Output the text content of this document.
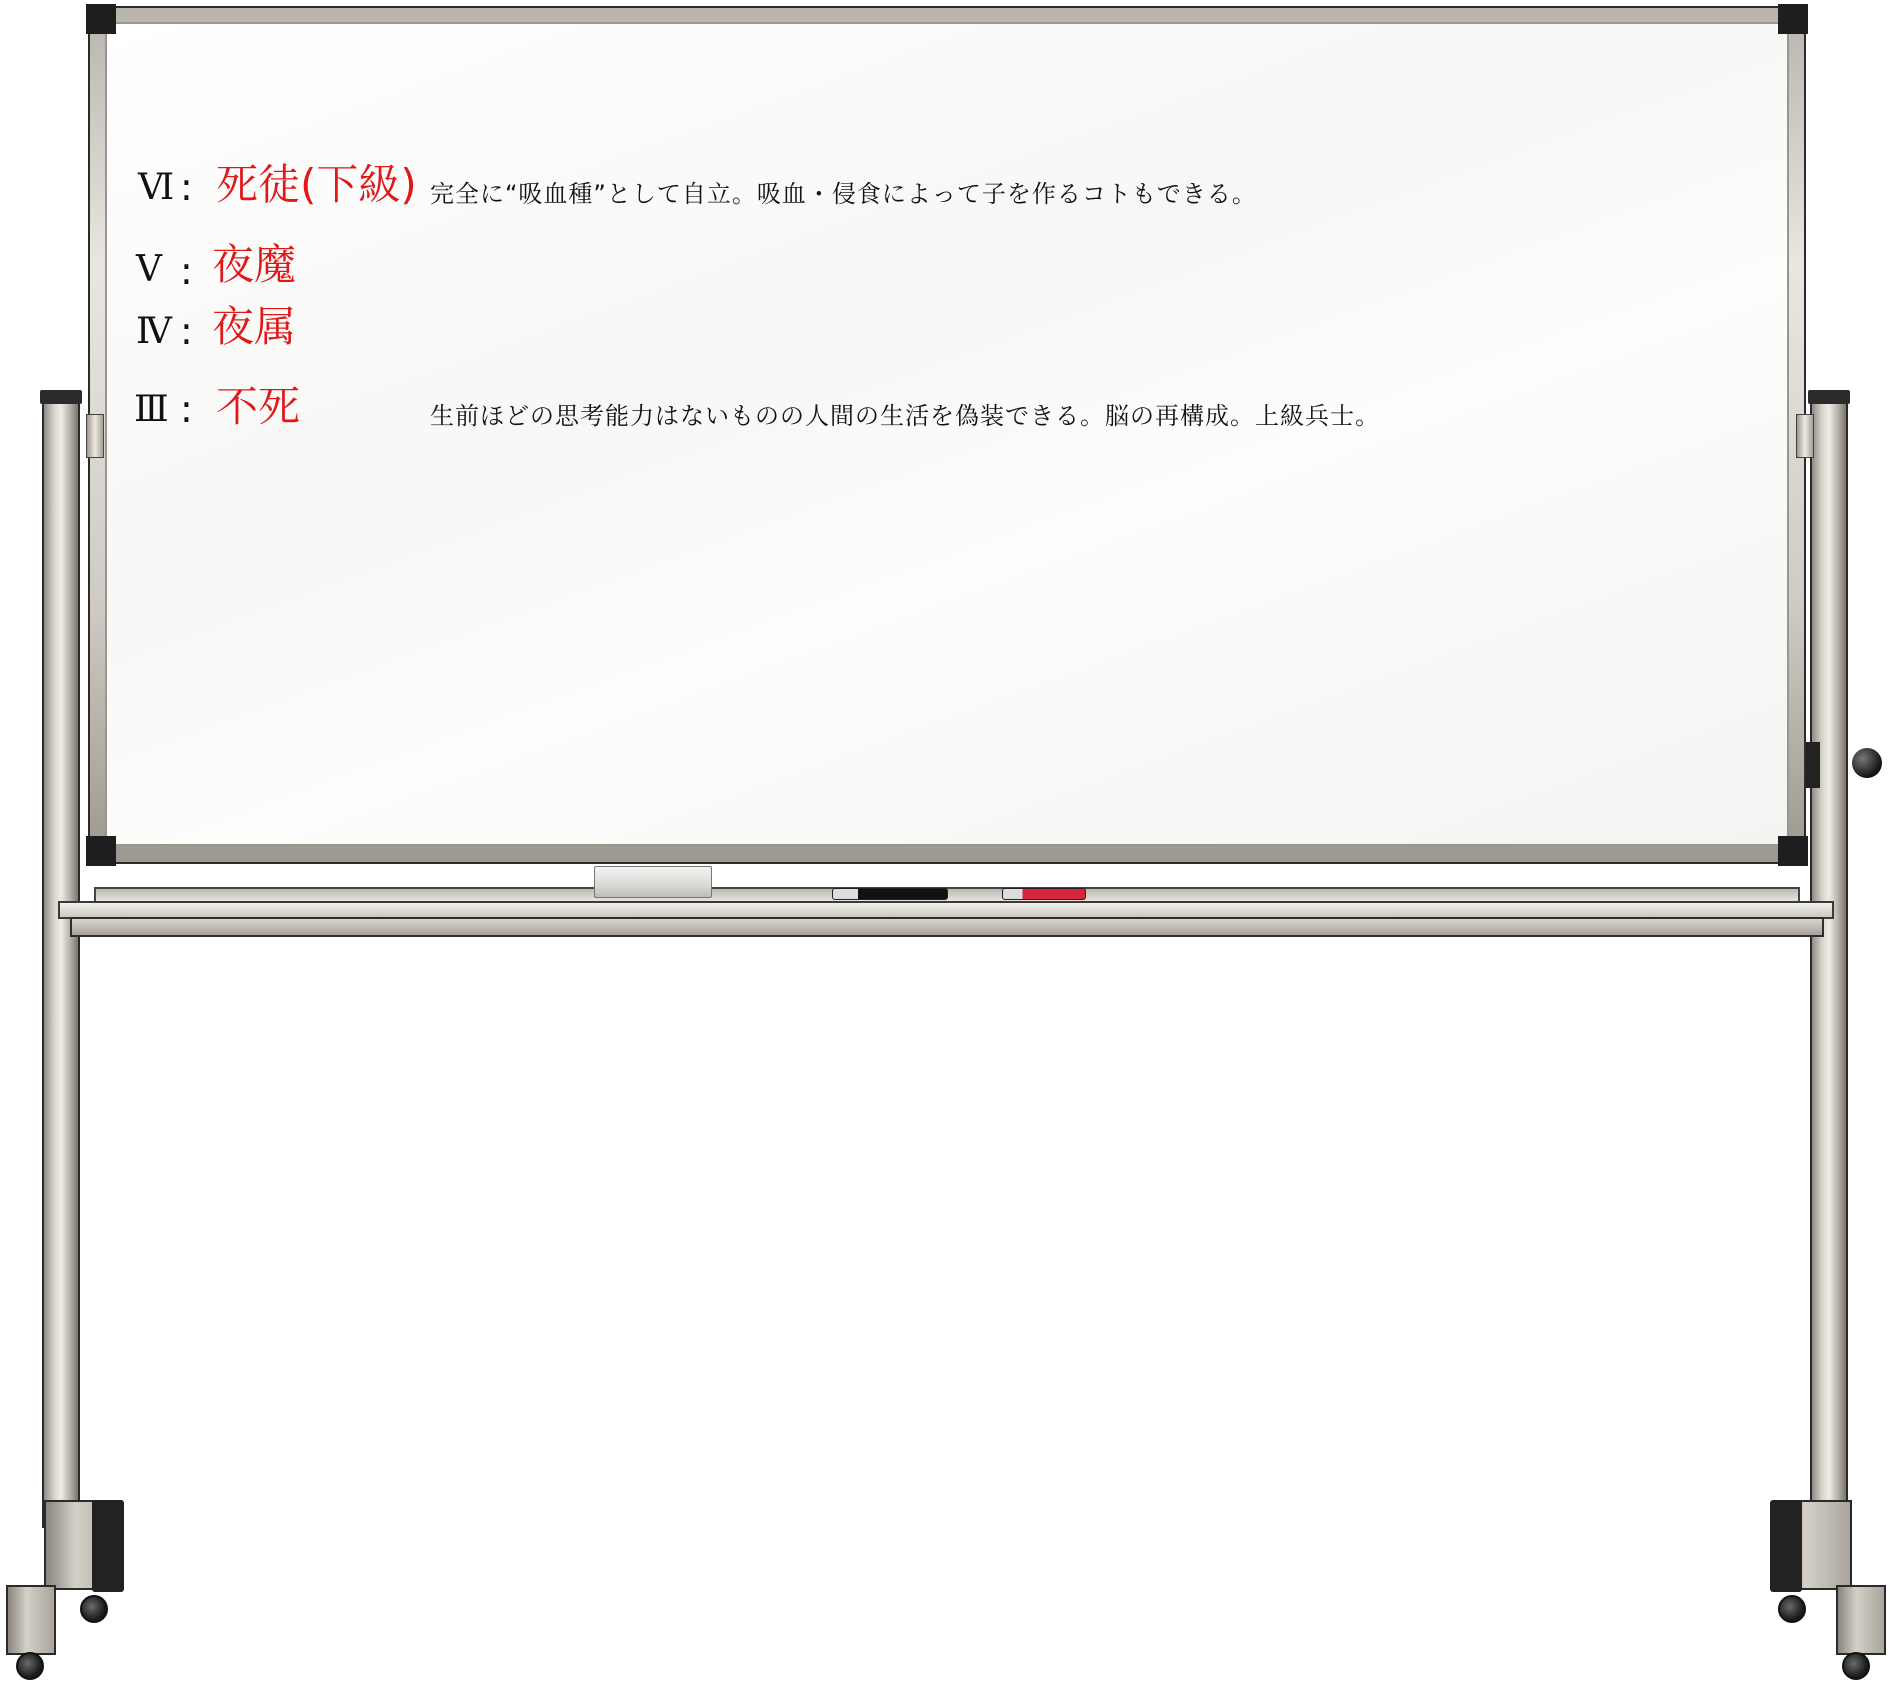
Ⅵ : 死徒(下級) 完全に“吸血種”として自立。吸血・侵食によって子を作るコトもできる。
Ⅴ : 夜魔
Ⅳ : 夜属
Ⅲ : 不死	生前ほどの思考能力はないものの人間の生活を偽装できる。脳の再構成。上級兵士。
